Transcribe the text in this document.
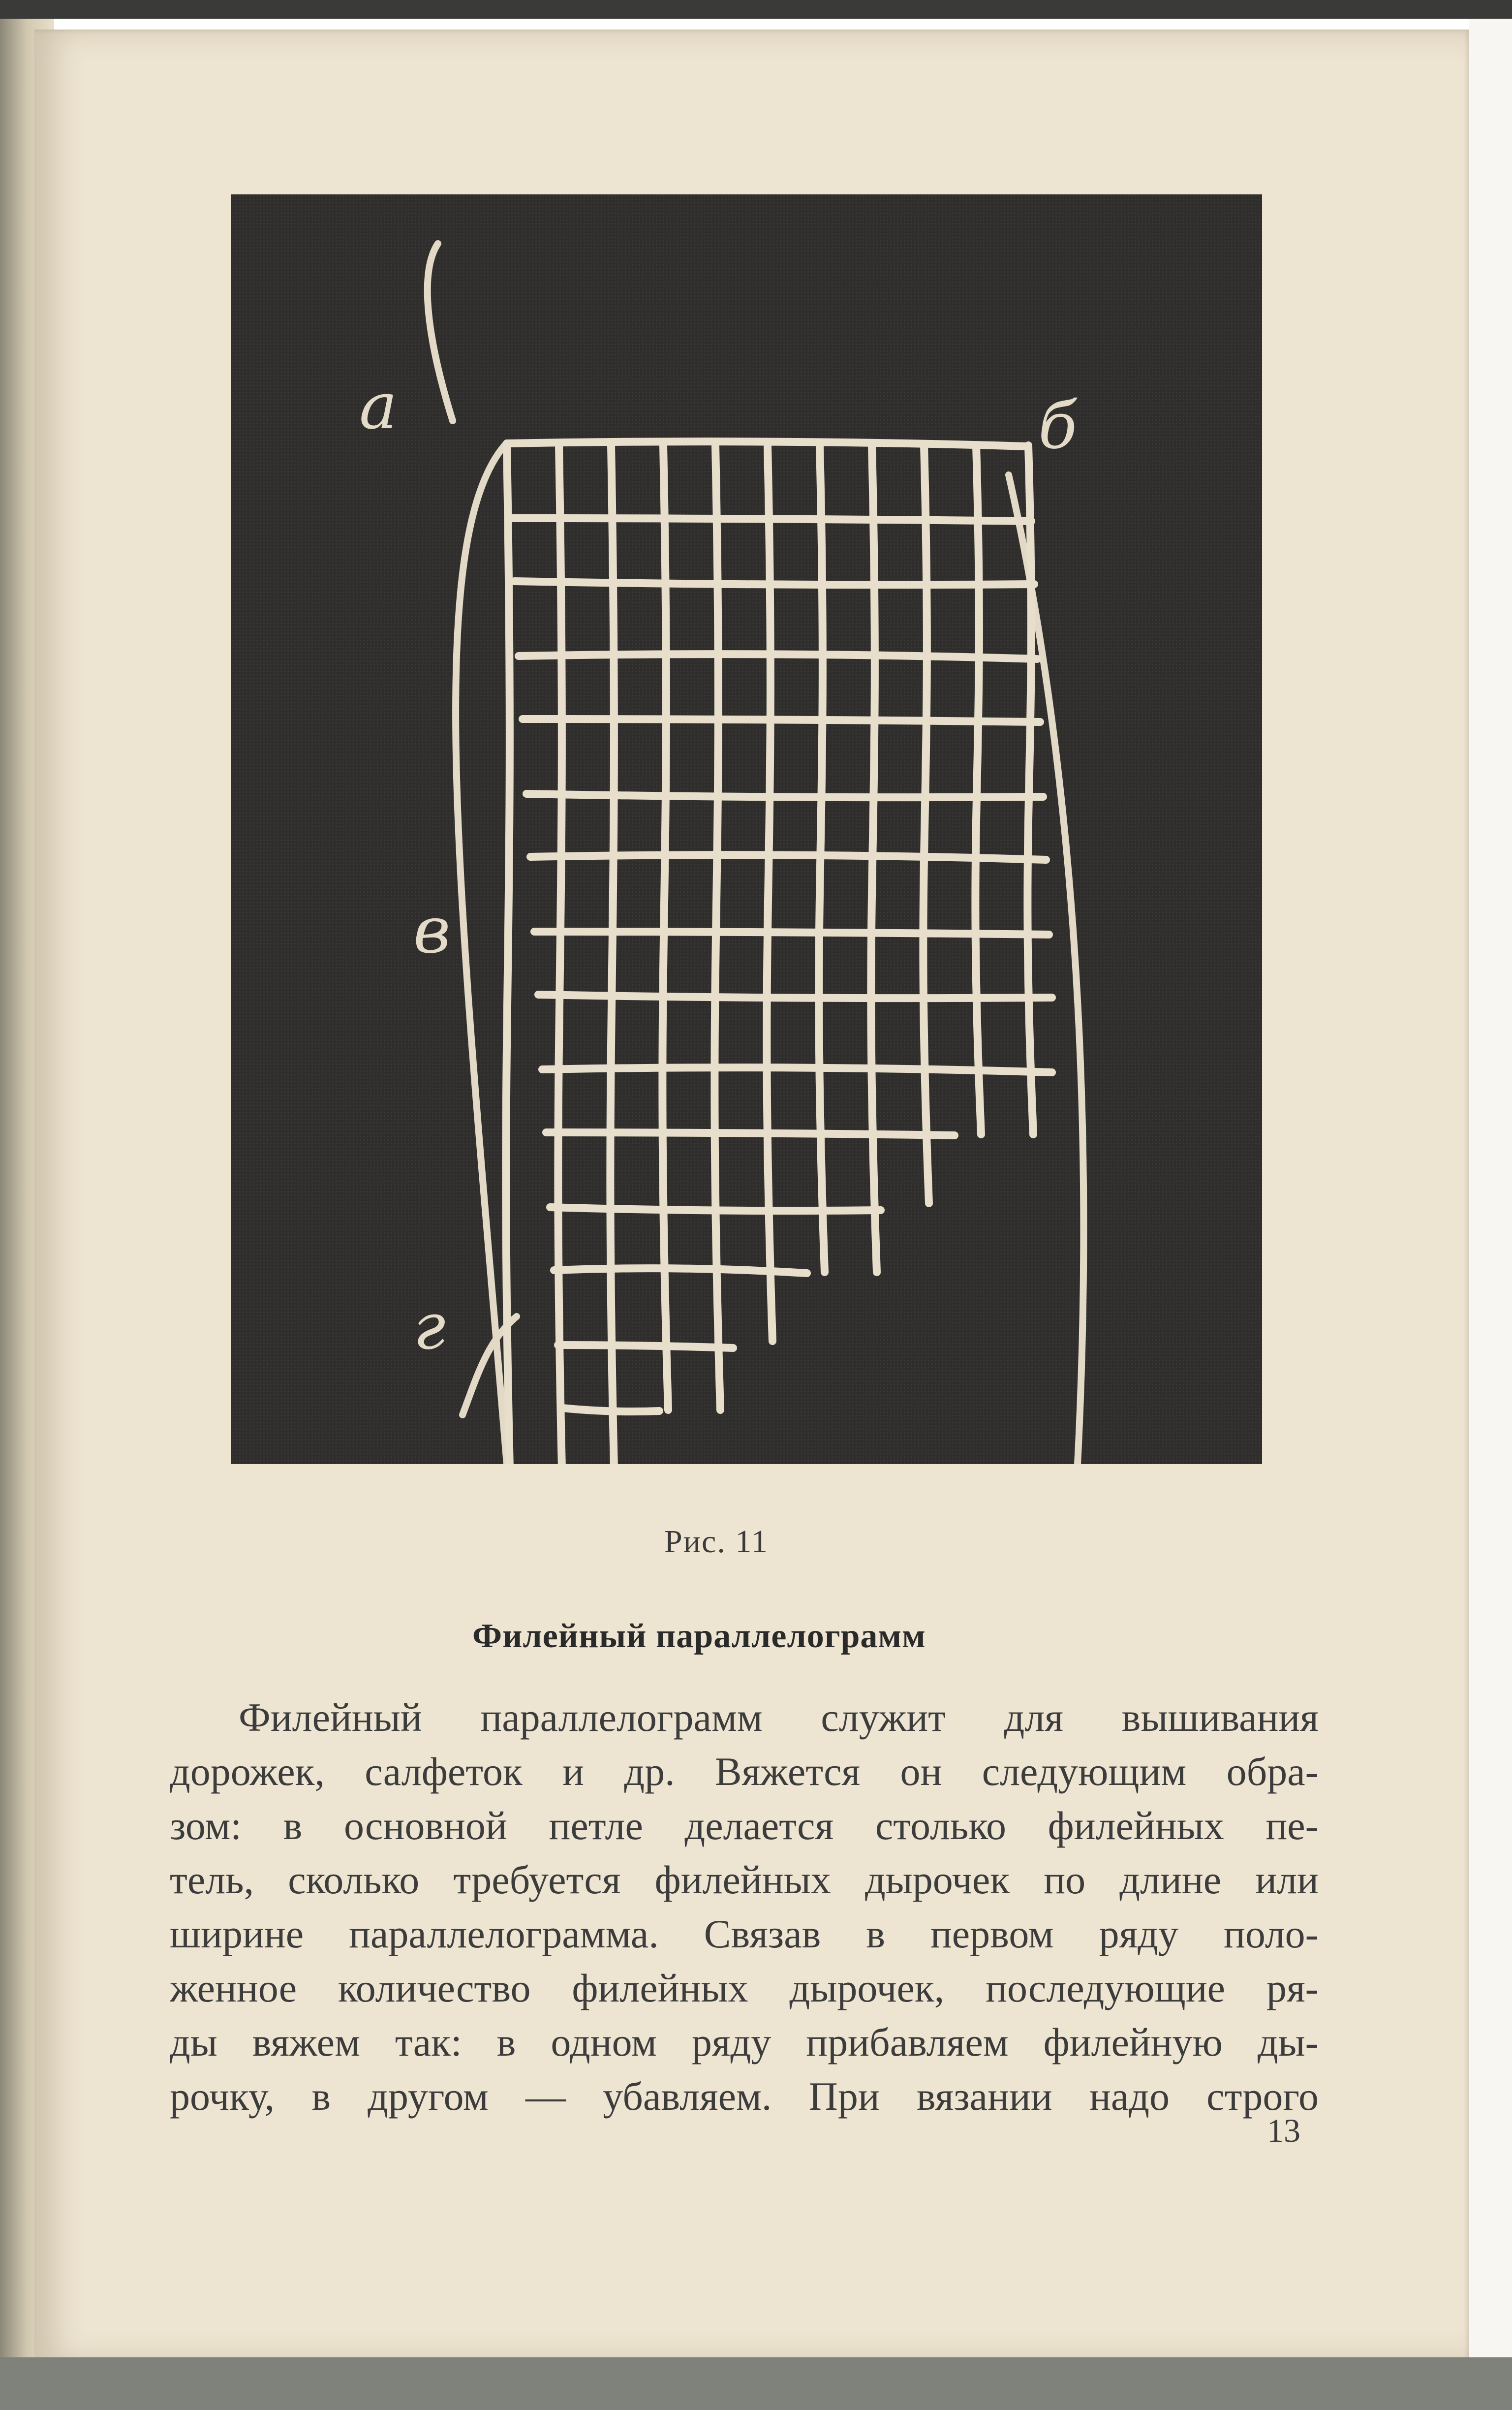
а	б
в
г
Рис. 11
Филейный параллелограмм
Филейный параллелограмм служит для вышивания
дорожек, салфеток и др. Вяжется он следующим обра-
зом: в основной петле делается столько филейных пе-
тель, сколько требуется филейных дырочек по длине или
ширине параллелограмма. Связав в первом ряду поло-
женное количество филейных дырочек, последующие ря-
ды вяжем так: в одном ряду прибавляем филейную ды-
рочку, в другом — убавляем. При вязании надо строго
13
